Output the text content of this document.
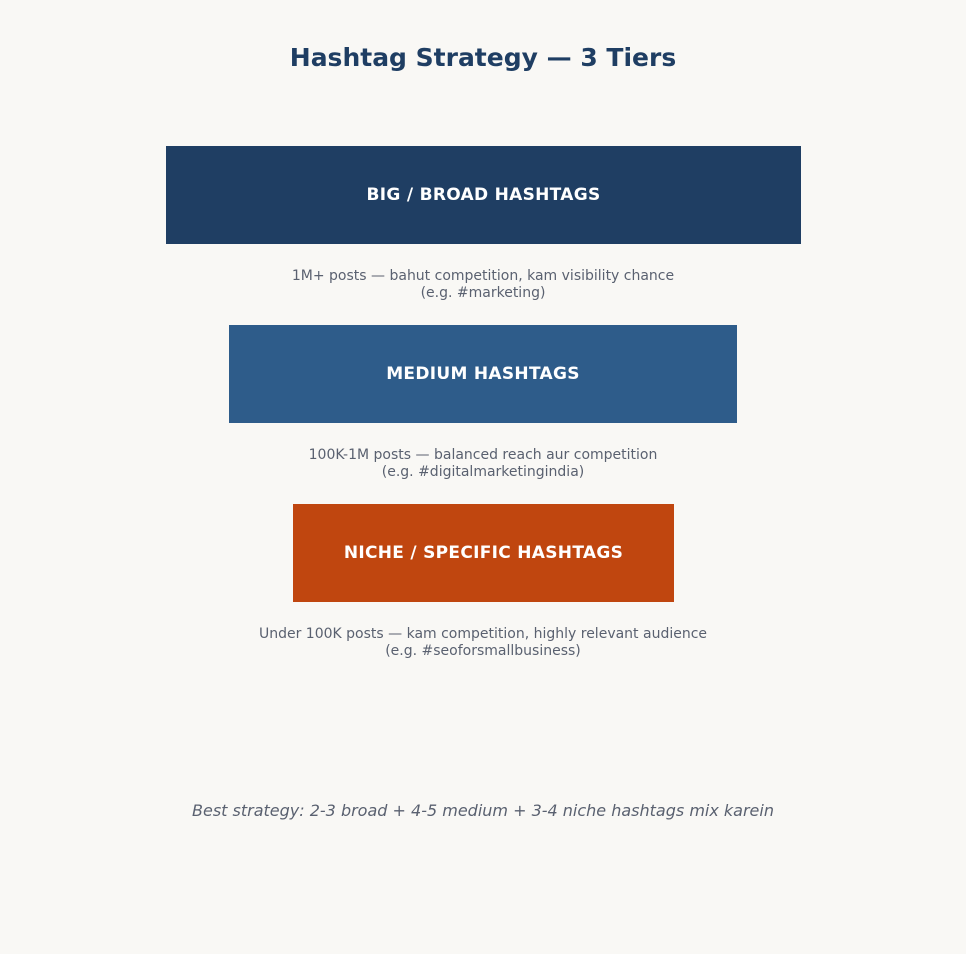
Hashtag Strategy — 3 Tiers
BIG / BROAD HASHTAGS
1M+ posts — bahut competition, kam visibility chance
(e.g. #marketing)
MEDIUM HASHTAGS
100K-1M posts — balanced reach aur competition
(e.g. #digitalmarketingindia)
NICHE / SPECIFIC HASHTAGS
Under 100K posts — kam competition, highly relevant audience
(e.g. #seoforsmallbusiness)
Best strategy: 2-3 broad + 4-5 medium + 3-4 niche hashtags mix karein
